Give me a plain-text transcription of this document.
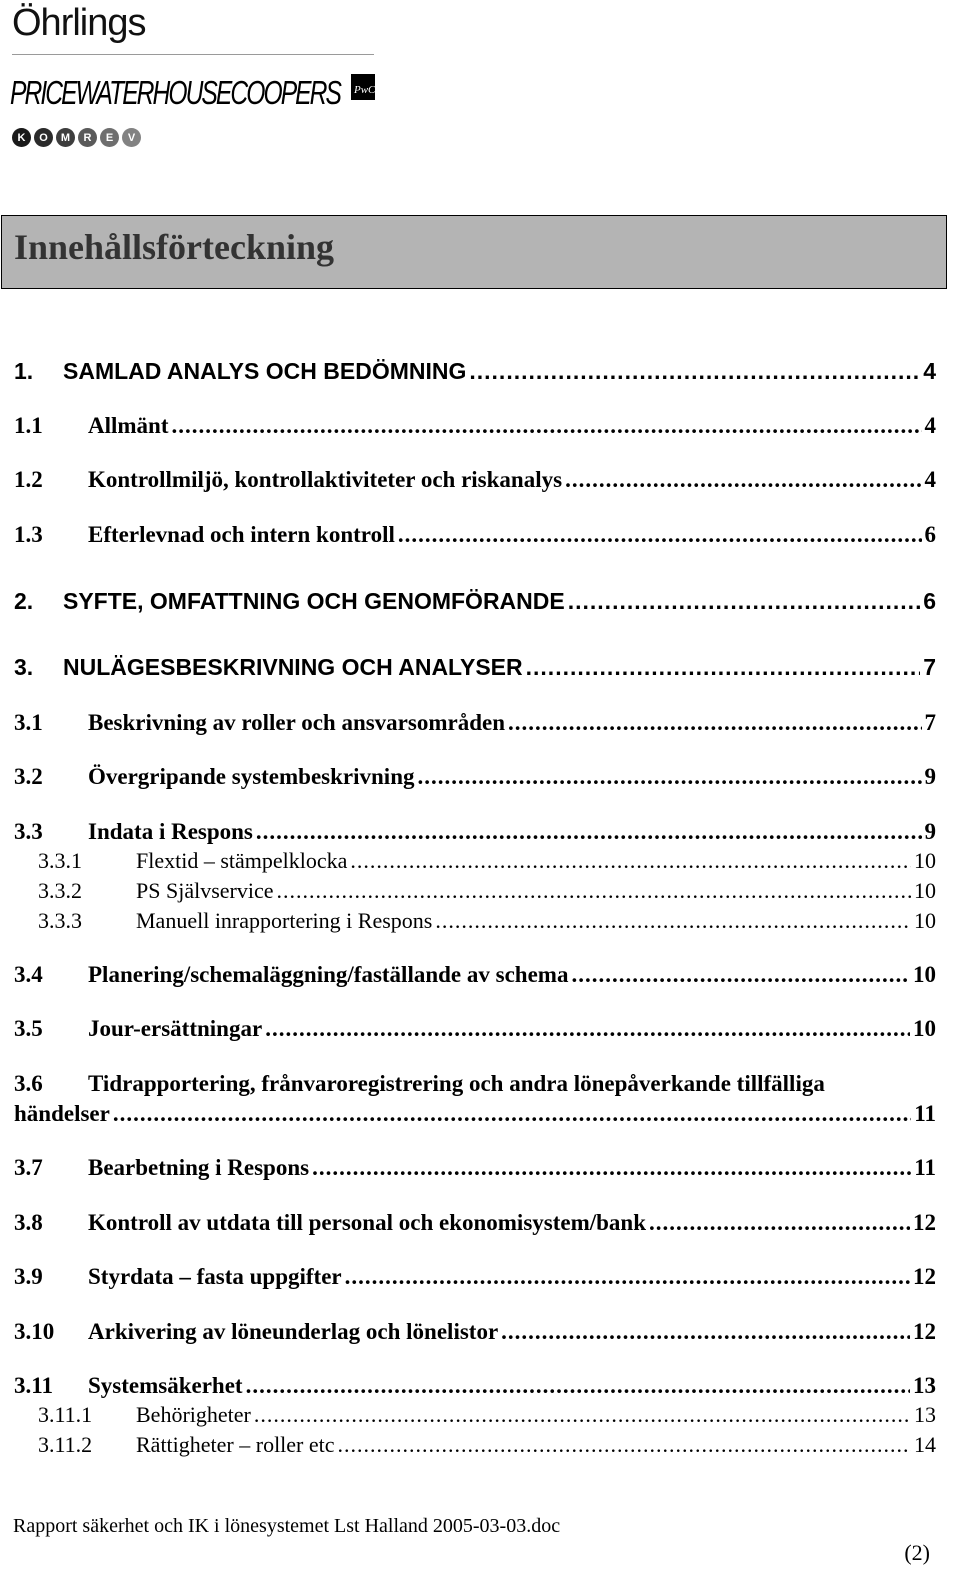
Öhrlings
PRICEWATERHOUSECOOPERS PwC
K	O	M	R	E	V
Innehållsförteckning
1.	SAMLAD ANALYS OCH BEDÖMNING .....	4
1.1	Allmänt .....	4
1.2	Kontrollmiljö, kontrollaktiviteter och riskanalys .....	4
1.3	Efterlevnad och intern kontroll .....	6
2.	SYFTE, OMFATTNING OCH GENOMFÖRANDE .....	6
3.	NULÄGESBESKRIVNING OCH ANALYSER .....	7
3.1	Beskrivning av roller och ansvarsområden .....	7
3.2	Övergripande systembeskrivning .....	9
3.3	Indata i Respons .....	9
3.3.1	Flextid – stämpelklocka .....	10
3.3.2	PS Självservice .....	10
3.3.3	Manuell inrapportering i Respons .....	10
3.4	Planering/schemaläggning/faställande av schema .....	10
3.5	Jour-ersättningar .....	10
3.6 Tidrapportering, frånvaroregistrering och andra lönepåverkande tillfälliga
händelser .....	11
3.7	Bearbetning i Respons .....	11
3.8	Kontroll av utdata till personal och ekonomisystem/bank .....	12
3.9	Styrdata – fasta uppgifter .....	12
3.10	Arkivering av löneunderlag och lönelistor .....	12
3.11	Systemsäkerhet .....	13
3.11.1	Behörigheter .....	13
3.11.2	Rättigheter – roller etc .....	14
Rapport säkerhet och IK i lönesystemet Lst Halland 2005-03-03.doc
(2)
